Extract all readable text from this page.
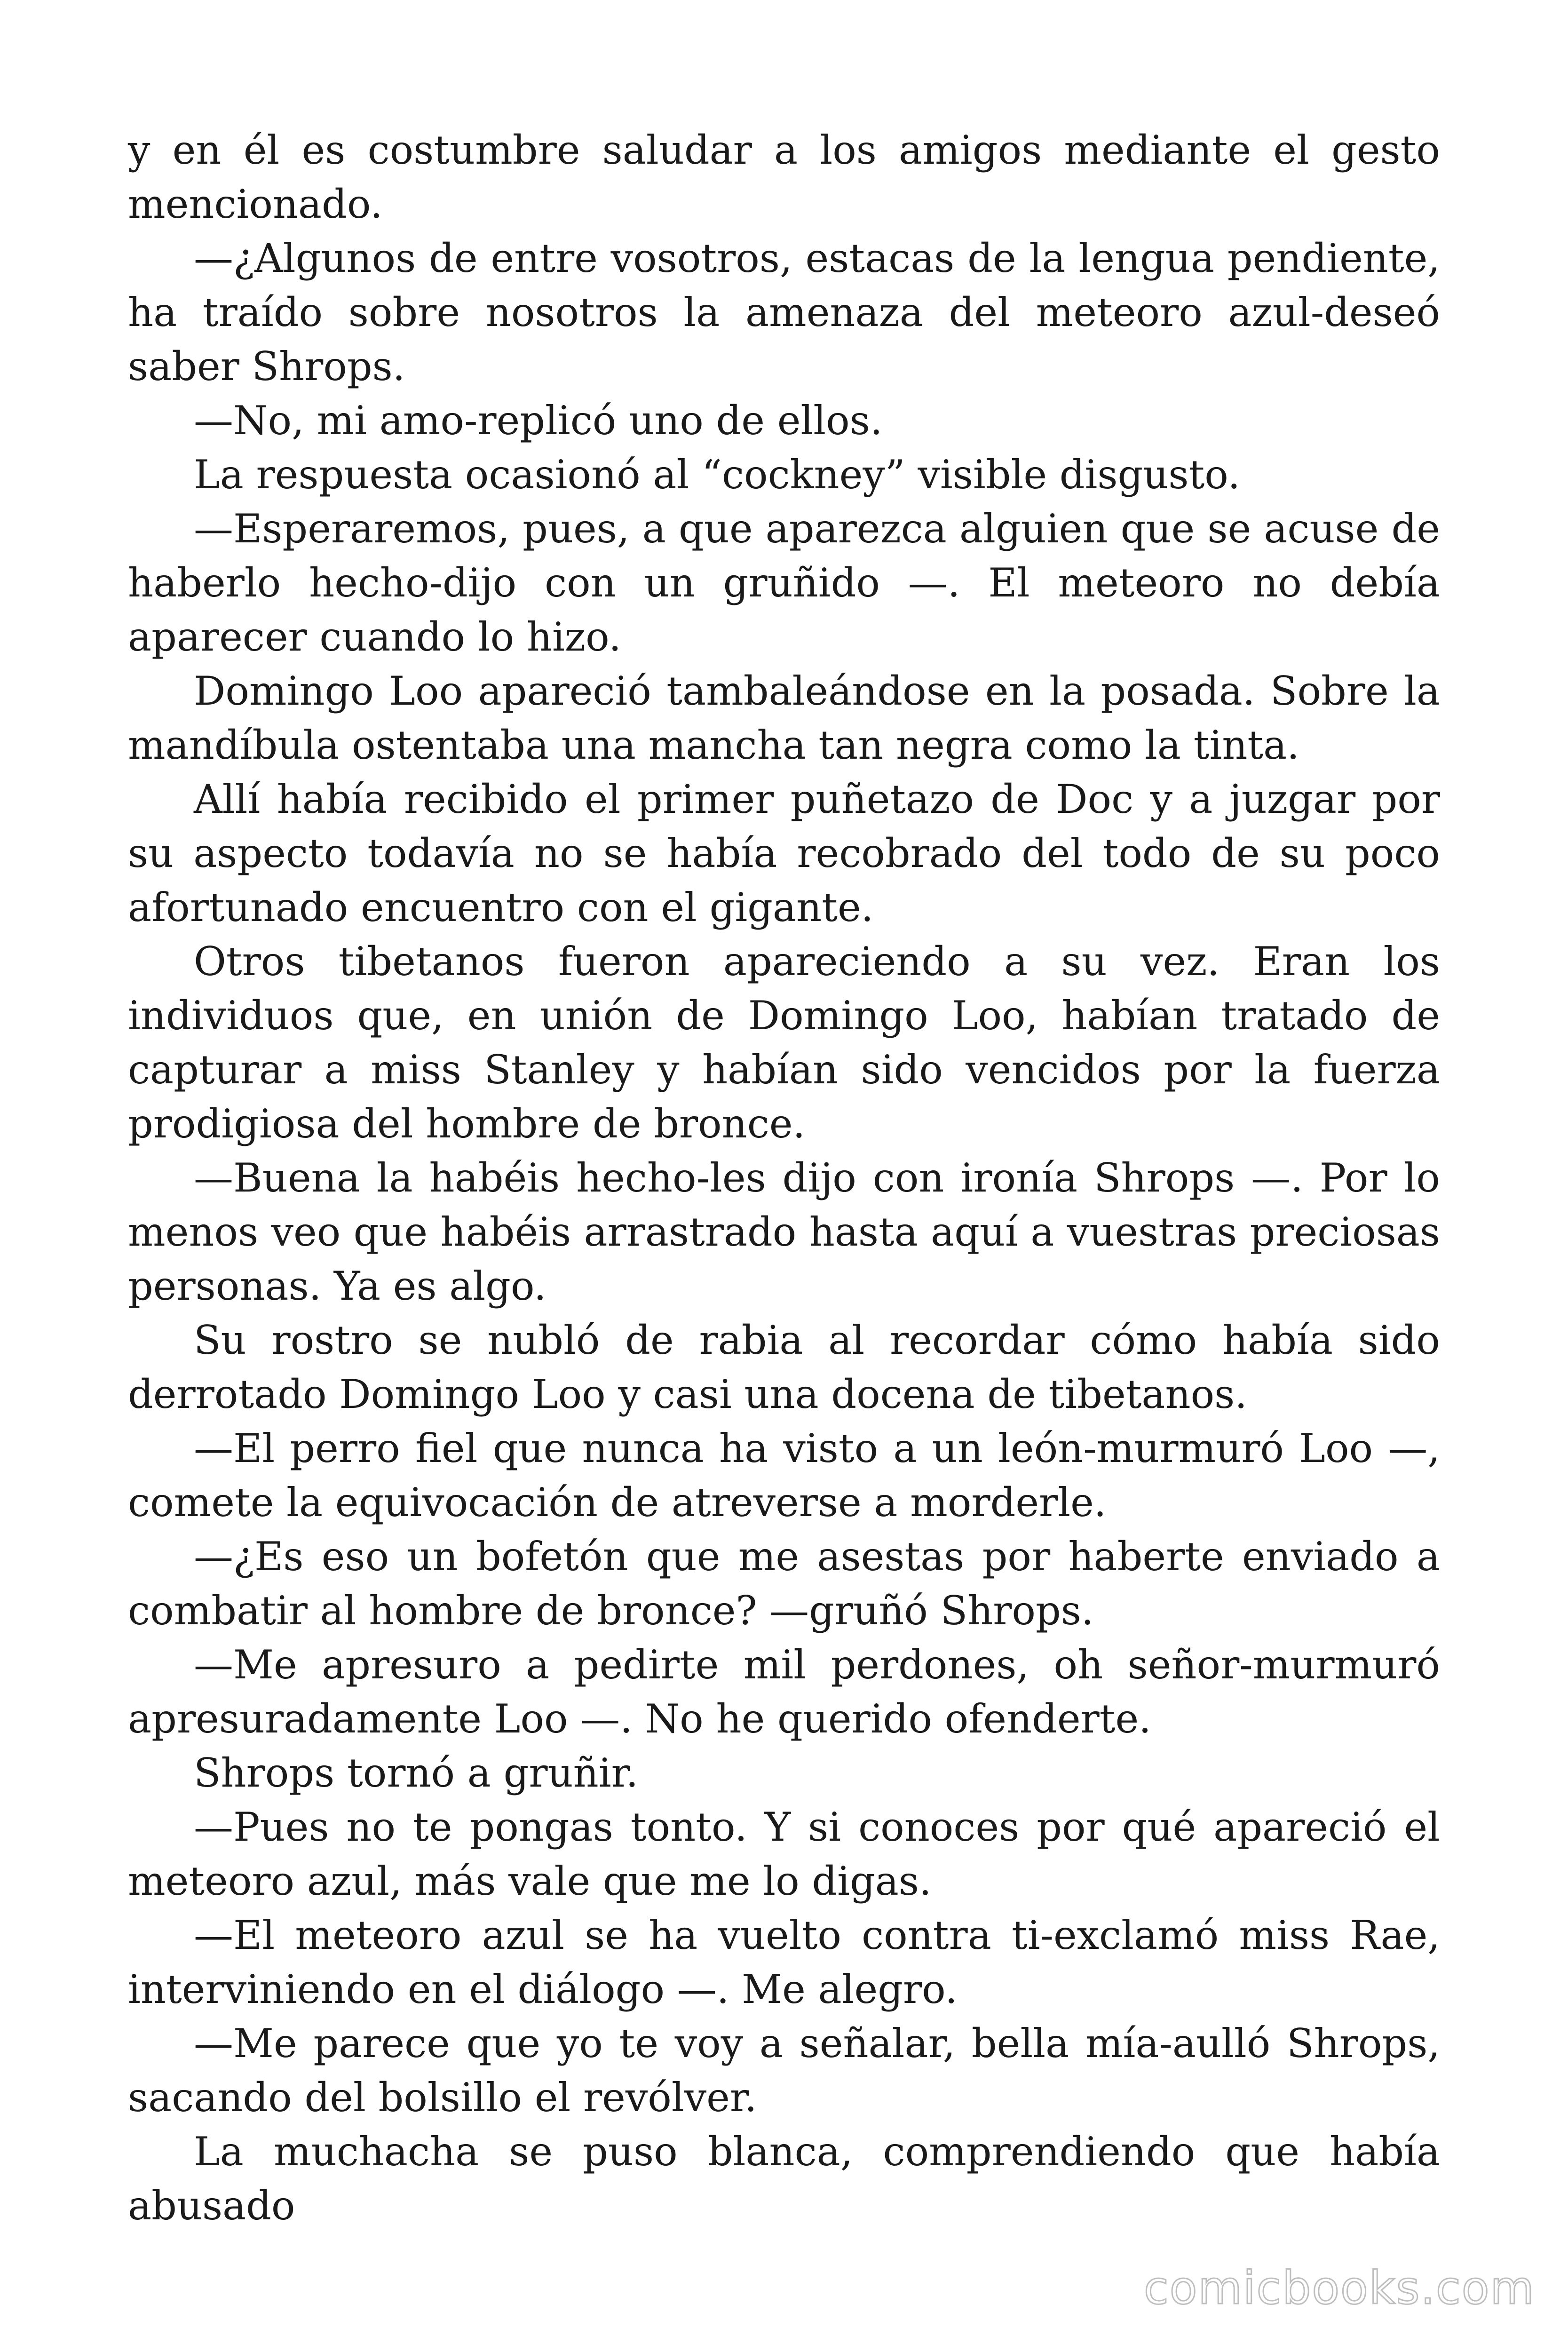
y en él es costumbre saludar a los amigos mediante el gesto mencionado.

—¿Algunos de entre vosotros, estacas de la lengua pendiente, ha traído sobre nosotros la amenaza del meteoro azul-deseó saber Shrops.

—No, mi amo-replicó uno de ellos.

La respuesta ocasionó al “cockney” visible disgusto.

—Esperaremos, pues, a que aparezca alguien que se acuse de haberlo hecho-dijo con un gruñido —. El meteoro no debía aparecer cuando lo hizo.

Domingo Loo apareció tambaleándose en la posada. Sobre la mandíbula ostentaba una mancha tan negra como la tinta.

Allí había recibido el primer puñetazo de Doc y a juzgar por su aspecto todavía no se había recobrado del todo de su poco afortunado encuentro con el gigante.

Otros tibetanos fueron apareciendo a su vez. Eran los individuos que, en unión de Domingo Loo, habían tratado de capturar a miss Stanley y habían sido vencidos por la fuerza prodigiosa del hombre de bronce.

—Buena la habéis hecho-les dijo con ironía Shrops —. Por lo menos veo que habéis arrastrado hasta aquí a vuestras preciosas personas. Ya es algo.

Su rostro se nubló de rabia al recordar cómo había sido derrotado Domingo Loo y casi una docena de tibetanos.

—El perro fiel que nunca ha visto a un león-murmuró Loo —, comete la equivocación de atreverse a morderle.

—¿Es eso un bofetón que me asestas por haberte enviado a combatir al hombre de bronce? —gruñó Shrops.

—Me apresuro a pedirte mil perdones, oh señor-murmuró apresuradamente Loo —. No he querido ofenderte.

Shrops tornó a gruñir.

—Pues no te pongas tonto. Y si conoces por qué apareció el meteoro azul, más vale que me lo digas.

—El meteoro azul se ha vuelto contra ti-exclamó miss Rae, interviniendo en el diálogo —. Me alegro.

—Me parece que yo te voy a señalar, bella mía-aulló Shrops, sacando del bolsillo el revólver.

La muchacha se puso blanca, comprendiendo que había abusado

comicbooks.com
